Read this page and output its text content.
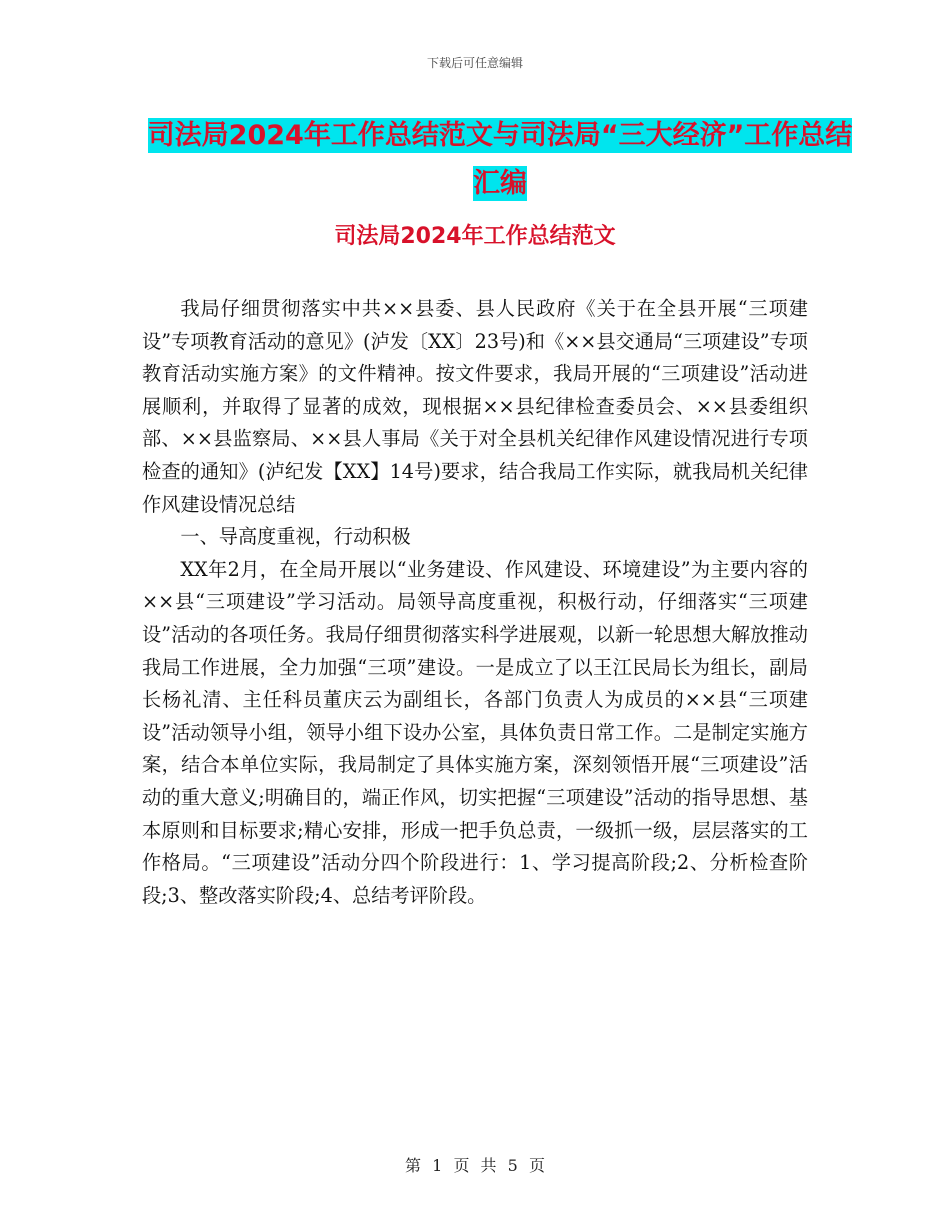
下载后可任意编辑
司法局2024年工作总结范文与司法局“三大经济”工作总结汇编
司法局2024年工作总结范文

我局仔细贯彻落实中共××县委、县人民政府《关于在全县开展“三项建设”专项教育活动的意见》(泸发〔XX〕23号)和《××县交通局“三项建设”专项教育活动实施方案》的文件精神。按文件要求，我局开展的“三项建设”活动进展顺利，并取得了显著的成效，现根据××县纪律检查委员会、××县委组织部、××县监察局、××县人事局《关于对全县机关纪律作风建设情况进行专项检查的通知》(泸纪发【XX】14号)要求，结合我局工作实际，就我局机关纪律作风建设情况总结

一、导高度重视，行动积极

XX年2月，在全局开展以“业务建设、作风建设、环境建设”为主要内容的××县“三项建设”学习活动。局领导高度重视，积极行动，仔细落实“三项建设”活动的各项任务。我局仔细贯彻落实科学进展观，以新一轮思想大解放推动我局工作进展，全力加强“三项”建设。一是成立了以王江民局长为组长，副局长杨礼清、主任科员董庆云为副组长，各部门负责人为成员的××县“三项建设”活动领导小组，领导小组下设办公室，具体负责日常工作。二是制定实施方案，结合本单位实际，我局制定了具体实施方案，深刻领悟开展“三项建设”活动的重大意义;明确目的，端正作风，切实把握“三项建设”活动的指导思想、基本原则和目标要求;精心安排，形成一把手负总责，一级抓一级，层层落实的工作格局。“三项建设”活动分四个阶段进行：1、学习提高阶段;2、分析检查阶段;3、整改落实阶段;4、总结考评阶段。

第 1 页 共 5 页
